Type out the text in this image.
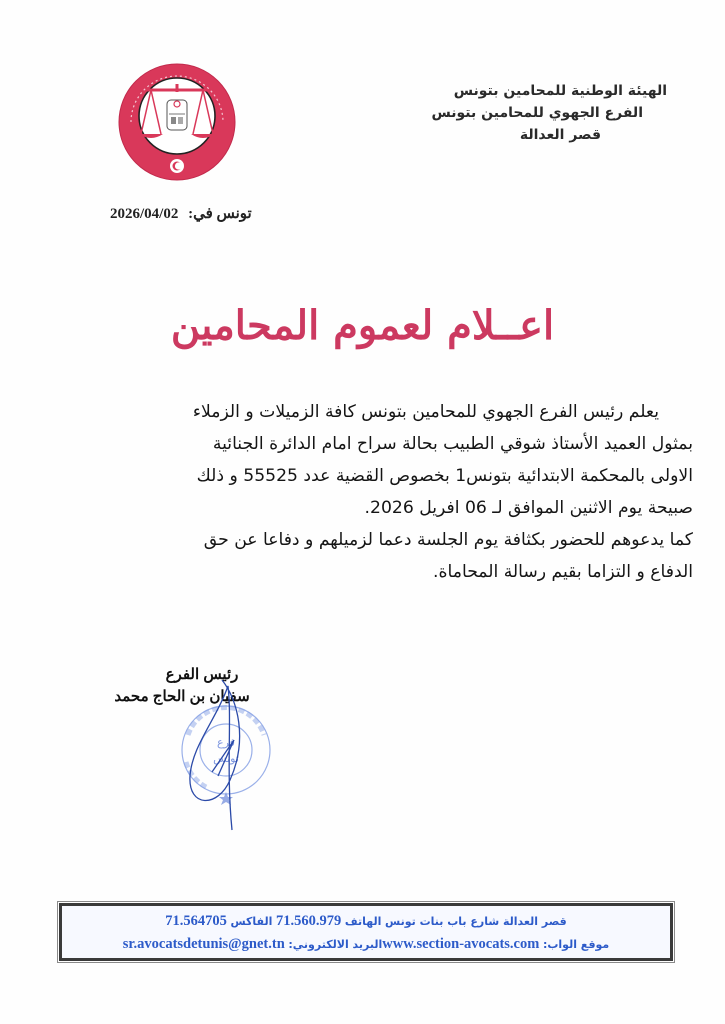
الهيئة الوطنية للمحامين بتونس
الفرع الجهوي للمحامين بتونس
قصر العدالة
تونس في: 2026/04/02
اعــلام لعموم المحامين

يعلم رئيس الفرع الجهوي للمحامين بتونس كافة الزميلات و الزملاء

بمثول العميد الأستاذ شوقي الطبيب بحالة سراح امام الدائرة الجنائية

الاولى بالمحكمة الابتدائية بتونس1 بخصوص القضية عدد 55525 و ذلك

صبيحة يوم الاثنين الموافق لـ 06 افريل 2026.

كما يدعوهم للحضور بكثافة يوم الجلسة دعما لزميلهم و دفاعا عن حق

الدفاع و التزاما بقيم رسالة المحاماة.

رئيس الفرع
سفيان بن الحاج محمد
فرع
تونس
قصر العدالة شارع باب بنات تونس الهاتف 71.560.979 الفاكس 71.564705
موقع الواب: www.section-avocats.comالبريد الالكتروني: sr.avocatsdetunis@gnet.tn
